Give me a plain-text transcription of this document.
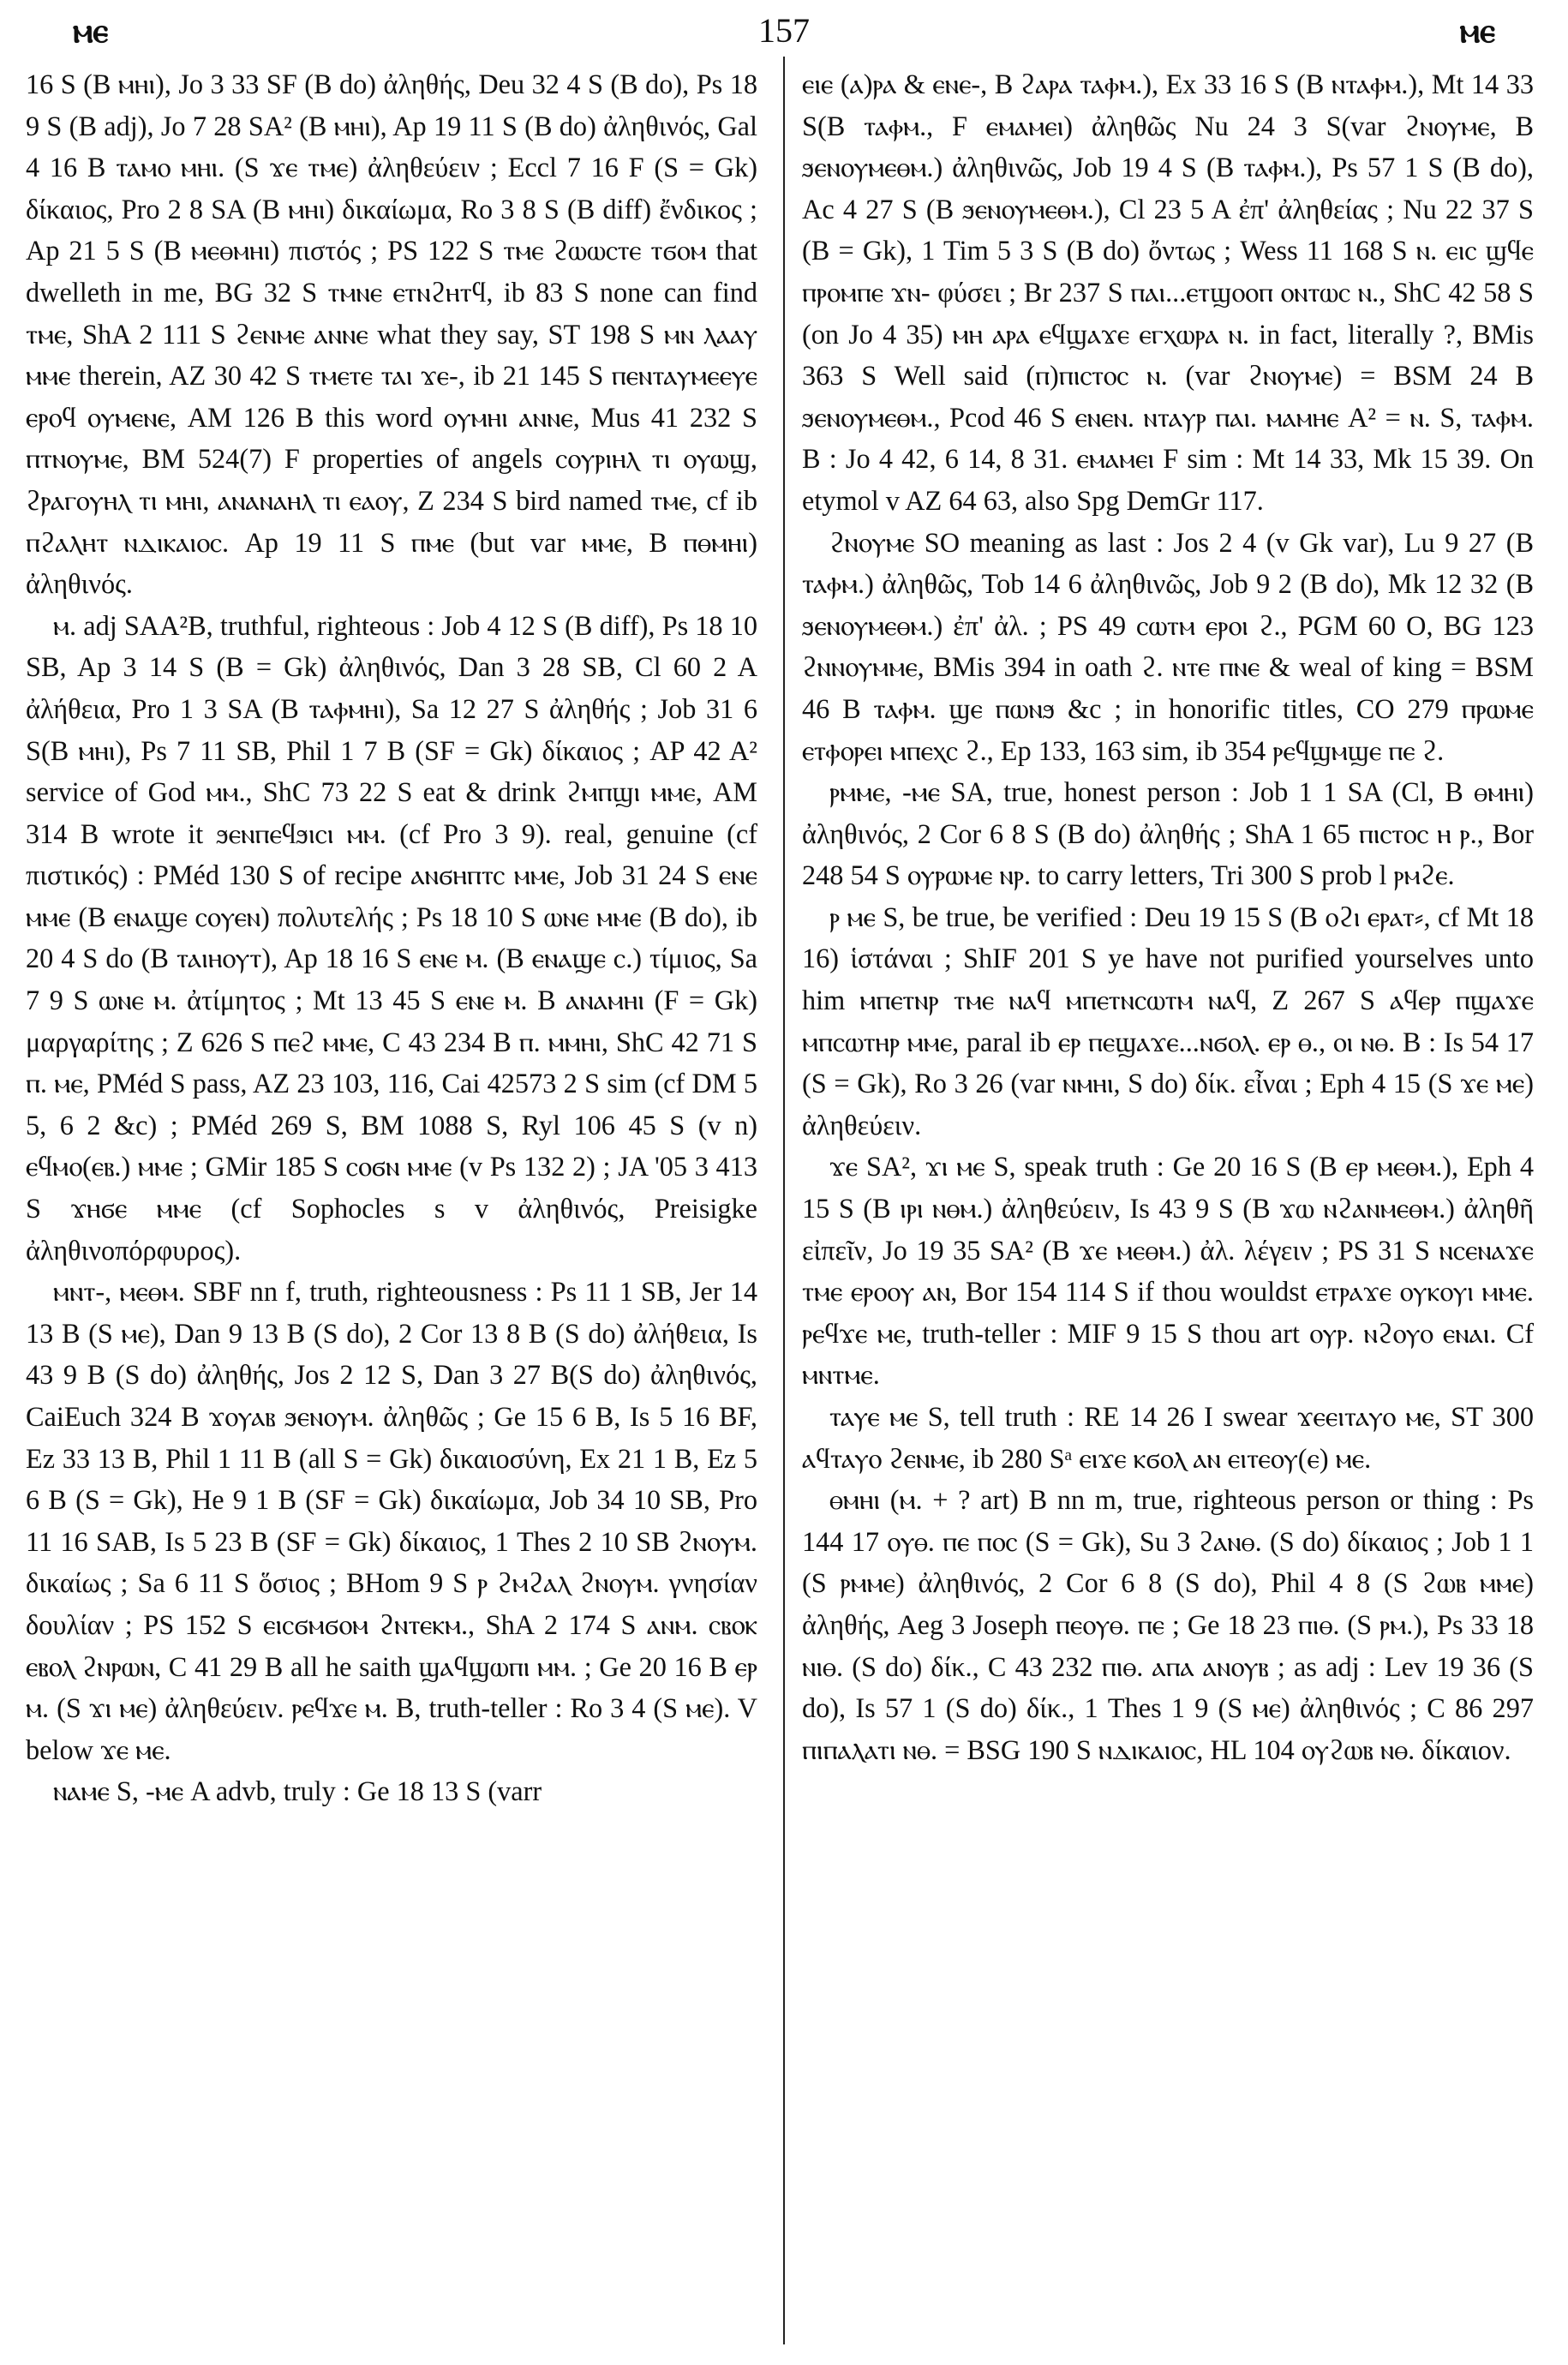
ⲙⲉ	157	ⲙⲉ

16 S (B ⲙⲏⲓ), Jo 3 33 SF (B do) ἀληθής, Deu 32 4 S (B do), Ps 18 9 S (B adj), Jo 7 28 SA² (B ⲙⲏⲓ), Ap 19 11 S (B do) ἀληθινός, Gal 4 16 B ⲧⲁⲙⲟ ⲙⲏⲓ. (S ϫⲉ ⲧⲙⲉ) ἀληθεύειν ; Eccl 7 16 F (S = Gk) δίκαιος, Pro 2 8 SA (B ⲙⲏⲓ) δικαίωμα, Ro 3 8 S (B diff) ἔνδικος ; Ap 21 5 S (B ⲙⲉⲑⲙⲏⲓ) πιστός ; PS 122 S ⲧⲙⲉ ϩⲱⲱⲥⲧⲉ ⲧϭⲟⲙ that dwelleth in me, BG 32 S ⲧⲙⲛⲉ ⲉⲧⲛϩⲏⲧϥ, ib 83 S none can find ⲧⲙⲉ, ShA 2 111 S ϩⲉⲛⲙⲉ ⲁⲛⲛⲉ what they say, ST 198 S ⲙⲛ ⲗⲁⲁⲩ ⲙⲙⲉ therein, AZ 30 42 S ⲧⲙⲉⲧⲉ ⲧⲁⲓ ϫⲉ-, ib 21 145 S ⲡⲉⲛⲧⲁⲩⲙⲉⲉⲩⲉ ⲉⲣⲟϥ ⲟⲩⲙⲉⲛⲉ, AM 126 B this word ⲟⲩⲙⲏⲓ ⲁⲛⲛⲉ, Mus 41 232 S ⲡⲧⲛⲟⲩⲙⲉ, BM 524(7) F properties of angels ⲥⲟⲩⲣⲓⲏⲗ ⲧⲓ ⲟⲩⲱϣ, ϩⲣⲁⲅⲟⲩⲏⲗ ⲧⲓ ⲙⲏⲓ, ⲁⲛⲁⲛⲁⲏⲗ ⲧⲓ ⲉⲁⲟⲩ, Z 234 S bird named ⲧⲙⲉ, cf ib ⲡϩⲁⲗⲏⲧ ⲛⲇⲓⲕⲁⲓⲟⲥ. Ap 19 11 S ⲡⲙⲉ (but var ⲙⲙⲉ, B ⲡⲑⲙⲏⲓ) ἀληθινός.

ⲙ. adj SAA²B, truthful, righteous : Job 4 12 S (B diff), Ps 18 10 SB, Ap 3 14 S (B = Gk) ἀληθινός, Dan 3 28 SB, Cl 60 2 A ἀλήθεια, Pro 1 3 SA (B ⲧⲁⲫⲙⲏⲓ), Sa 12 27 S ἀληθής ; Job 31 6 S(B ⲙⲏⲓ), Ps 7 11 SB, Phil 1 7 B (SF = Gk) δίκαιος ; AP 42 A² service of God ⲙⲙ., ShC 73 22 S eat & drink ϩⲙⲡϣⲓ ⲙⲙⲉ, AM 314 B wrote it ϧⲉⲛⲡⲉϥϧⲓⲥⲓ ⲙⲙ. (cf Pro 3 9). real, genuine (cf πιστικός) : PMéd 130 S of recipe ⲁⲛϭⲏⲡⲧⲥ ⲙⲙⲉ, Job 31 24 S ⲉⲛⲉ ⲙⲙⲉ (B ⲉⲛⲁϣⲉ ⲥⲟⲩⲉⲛ) πολυτελής ; Ps 18 10 S ⲱⲛⲉ ⲙⲙⲉ (B do), ib 20 4 S do (B ⲧⲁⲓⲏⲟⲩⲧ), Ap 18 16 S ⲉⲛⲉ ⲙ. (B ⲉⲛⲁϣⲉ ⲥ.) τίμιος, Sa 7 9 S ⲱⲛⲉ ⲙ. ἀτίμητος ; Mt 13 45 S ⲉⲛⲉ ⲙ. B ⲁⲛⲁⲙⲏⲓ (F = Gk) μαργαρίτης ; Z 626 S ⲡⲉϩ ⲙⲙⲉ, C 43 234 B ⲡ. ⲙⲙⲏⲓ, ShC 42 71 S ⲡ. ⲙⲉ, PMéd S pass, AZ 23 103, 116, Cai 42573 2 S sim (cf DM 5 5, 6 2 &c) ; PMéd 269 S, BM 1088 S, Ryl 106 45 S (v n) ⲉϥⲙⲟ(ⲉⲃ.) ⲙⲙⲉ ; GMir 185 S ⲥⲟϭⲛ ⲙⲙⲉ (v Ps 132 2) ; JA '05 3 413 S ϫⲏϭⲉ ⲙⲙⲉ (cf Sophocles s v ἀληθινός, Preisigke ἀληθινοπόρφυρος).

ⲙⲛⲧ-, ⲙⲉⲑⲙ. SBF nn f, truth, righteousness : Ps 11 1 SB, Jer 14 13 B (S ⲙⲉ), Dan 9 13 B (S do), 2 Cor 13 8 B (S do) ἀλήθεια, Is 43 9 B (S do) ἀληθής, Jos 2 12 S, Dan 3 27 B(S do) ἀληθινός, CaiEuch 324 B ϫⲟⲩⲁⲃ ϧⲉⲛⲟⲩⲙ. ἀληθῶς ; Ge 15 6 B, Is 5 16 BF, Ez 33 13 B, Phil 1 11 B (all S = Gk) δικαιοσύνη, Ex 21 1 B, Ez 5 6 B (S = Gk), He 9 1 B (SF = Gk) δικαίωμα, Job 34 10 SB, Pro 11 16 SAB, Is 5 23 B (SF = Gk) δίκαιος, 1 Thes 2 10 SB ϩⲛⲟⲩⲙ. δικαίως ; Sa 6 11 S ὅσιος ; BHom 9 S ⲣ ϩⲙϩⲁⲗ ϩⲛⲟⲩⲙ. γνησίαν δουλίαν ; PS 152 S ⲉⲓⲥϭⲙϭⲟⲙ ϩⲛⲧⲉⲕⲙ., ShA 2 174 S ⲁⲛⲙ. ⲥⲃⲟⲕ ⲉⲃⲟⲗ ϩⲛⲣⲱⲛ, C 41 29 B all he saith ϣⲁϥϣⲱⲡⲓ ⲙⲙ. ; Ge 20 16 B ⲉⲣ ⲙ. (S ϫⲓ ⲙⲉ) ἀληθεύειν. ⲣⲉϥϫⲉ ⲙ. B, truth-teller : Ro 3 4 (S ⲙⲉ). V below ϫⲉ ⲙⲉ.

ⲛⲁⲙⲉ S, -ⲙⲉ A advb, truly : Ge 18 13 S (varr

ⲉⲓⲉ (ⲁ)ⲣⲁ & ⲉⲛⲉ-, B ϩⲁⲣⲁ ⲧⲁⲫⲙ.), Ex 33 16 S (B ⲛⲧⲁⲫⲙ.), Mt 14 33 S(B ⲧⲁⲫⲙ., F ⲉⲙⲁⲙⲉⲓ) ἀληθῶς Nu 24 3 S(var ϩⲛⲟⲩⲙⲉ, B ϧⲉⲛⲟⲩⲙⲉⲑⲙ.) ἀληθινῶς, Job 19 4 S (B ⲧⲁⲫⲙ.), Ps 57 1 S (B do), Ac 4 27 S (B ϧⲉⲛⲟⲩⲙⲉⲑⲙ.), Cl 23 5 A ἐπ' ἀληθείας ; Nu 22 37 S (B = Gk), 1 Tim 5 3 S (B do) ὄντως ; Wess 11 168 S ⲛ. ⲉⲓⲥ ϣϥⲉ ⲡⲣⲟⲙⲡⲉ ϫⲛ- φύσει ; Br 237 S ⲡⲁⲓ...ⲉⲧϣⲟⲟⲡ ⲟⲛⲧⲱⲥ ⲛ., ShC 42 58 S (on Jo 4 35) ⲙⲏ ⲁⲣⲁ ⲉϥϣⲁϫⲉ ⲉⲅⲭⲱⲣⲁ ⲛ. in fact, literally ?, BMis 363 S Well said (ⲡ)ⲡⲓⲥⲧⲟⲥ ⲛ. (var ϩⲛⲟⲩⲙⲉ) = BSM 24 B ϧⲉⲛⲟⲩⲙⲉⲑⲙ., Pcod 46 S ⲉⲛⲉⲛ. ⲛⲧⲁⲩⲣ ⲡⲁⲓ. ⲙⲁⲙⲏⲉ A² = ⲛ. S, ⲧⲁⲫⲙ. B : Jo 4 42, 6 14, 8 31. ⲉⲙⲁⲙⲉⲓ F sim : Mt 14 33, Mk 15 39. On etymol v AZ 64 63, also Spg DemGr 117.

ϩⲛⲟⲩⲙⲉ SO meaning as last : Jos 2 4 (v Gk var), Lu 9 27 (B ⲧⲁⲫⲙ.) ἀληθῶς, Tob 14 6 ἀληθινῶς, Job 9 2 (B do), Mk 12 32 (B ϧⲉⲛⲟⲩⲙⲉⲑⲙ.) ἐπ' ἀλ. ; PS 49 ⲥⲱⲧⲙ ⲉⲣⲟⲓ ϩ., PGM 60 O, BG 123 ϩⲛⲛⲟⲩⲙⲙⲉ, BMis 394 in oath ϩ. ⲛⲧⲉ ⲡⲛⲉ & weal of king = BSM 46 B ⲧⲁⲫⲙ. ϣⲉ ⲡⲱⲛϧ &c ; in honorific titles, CO 279 ⲡⲣⲱⲙⲉ ⲉⲧⲫⲟⲣⲉⲓ ⲙⲡⲉⲭⲥ ϩ., Ep 133, 163 sim, ib 354 ⲣⲉϥϣⲙϣⲉ ⲡⲉ ϩ.

ⲣⲙⲙⲉ, -ⲙⲉ SA, true, honest person : Job 1 1 SA (Cl, B ⲑⲙⲏⲓ) ἀληθινός, 2 Cor 6 8 S (B do) ἀληθής ; ShA 1 65 ⲡⲓⲥⲧⲟⲥ ⲏ ⲣ., Bor 248 54 S ⲟⲩⲣⲱⲙⲉ ⲛⲣ. to carry letters, Tri 300 S prob l ⲣⲙϩⲉ.

ⲣ ⲙⲉ S, be true, be verified : Deu 19 15 S (B ⲟϩⲓ ⲉⲣⲁⲧ⸗, cf Mt 18 16) ἱστάναι ; ShIF 201 S ye have not purified yourselves unto him ⲙⲡⲉⲧⲛⲣ ⲧⲙⲉ ⲛⲁϥ ⲙⲡⲉⲧⲛⲥⲱⲧⲙ ⲛⲁϥ, Z 267 S ⲁϥⲉⲣ ⲡϣⲁϫⲉ ⲙⲡⲥⲱⲧⲏⲣ ⲙⲙⲉ, paral ib ⲉⲣ ⲡⲉϣⲁϫⲉ...ⲛϭⲟⲗ. ⲉⲣ ⲑ., ⲟⲓ ⲛⲑ. B : Is 54 17 (S = Gk), Ro 3 26 (var ⲛⲙⲏⲓ, S do) δίκ. εἶναι ; Eph 4 15 (S ϫⲉ ⲙⲉ) ἀληθεύειν.

ϫⲉ SA², ϫⲓ ⲙⲉ S, speak truth : Ge 20 16 S (B ⲉⲣ ⲙⲉⲑⲙ.), Eph 4 15 S (B ⲓⲣⲓ ⲛⲑⲙ.) ἀληθεύειν, Is 43 9 S (B ϫⲱ ⲛϩⲁⲛⲙⲉⲑⲙ.) ἀληθῆ εἰπεῖν, Jo 19 35 SA² (B ϫⲉ ⲙⲉⲑⲙ.) ἀλ. λέγειν ; PS 31 S ⲛⲥⲉⲛⲁϫⲉ ⲧⲙⲉ ⲉⲣⲟⲟⲩ ⲁⲛ, Bor 154 114 S if thou wouldst ⲉⲧⲣⲁϫⲉ ⲟⲩⲕⲟⲩⲓ ⲙⲙⲉ. ⲣⲉϥϫⲉ ⲙⲉ, truth-teller : MIF 9 15 S thou art ⲟⲩⲣ. ⲛϩⲟⲩⲟ ⲉⲛⲁⲓ. Cf ⲙⲛⲧⲙⲉ.

ⲧⲁⲩⲉ ⲙⲉ S, tell truth : RE 14 26 I swear ϫⲉⲉⲓⲧⲁⲩⲟ ⲙⲉ, ST 300 ⲁϥⲧⲁⲩⲟ ϩⲉⲛⲙⲉ, ib 280 Sᵃ ⲉⲓϫⲉ ⲕϭⲟⲗ ⲁⲛ ⲉⲓⲧⲉⲟⲩ(ⲉ) ⲙⲉ.

ⲑⲙⲏⲓ (ⲙ. + ? art) B nn m, true, righteous person or thing : Ps 144 17 ⲟⲩⲑ. ⲡⲉ ⲡⲟⲥ (S = Gk), Su 3 ϩⲁⲛⲑ. (S do) δίκαιος ; Job 1 1 (S ⲣⲙⲙⲉ) ἀληθινός, 2 Cor 6 8 (S do), Phil 4 8 (S ϩⲱⲃ ⲙⲙⲉ) ἀληθής, Aeg 3 Joseph ⲡⲉⲟⲩⲑ. ⲡⲉ ; Ge 18 23 ⲡⲓⲑ. (S ⲣⲙ.), Ps 33 18 ⲛⲓⲑ. (S do) δίκ., C 43 232 ⲡⲓⲑ. ⲁⲡⲁ ⲁⲛⲟⲩⲃ ; as adj : Lev 19 36 (S do), Is 57 1 (S do) δίκ., 1 Thes 1 9 (S ⲙⲉ) ἀληθινός ; C 86 297 ⲡⲓⲡⲁⲗⲁⲧⲓ ⲛⲑ. = BSG 190 S ⲛⲇⲓⲕⲁⲓⲟⲥ, HL 104 ⲟⲩϩⲱⲃ ⲛⲑ. δίκαιον.
